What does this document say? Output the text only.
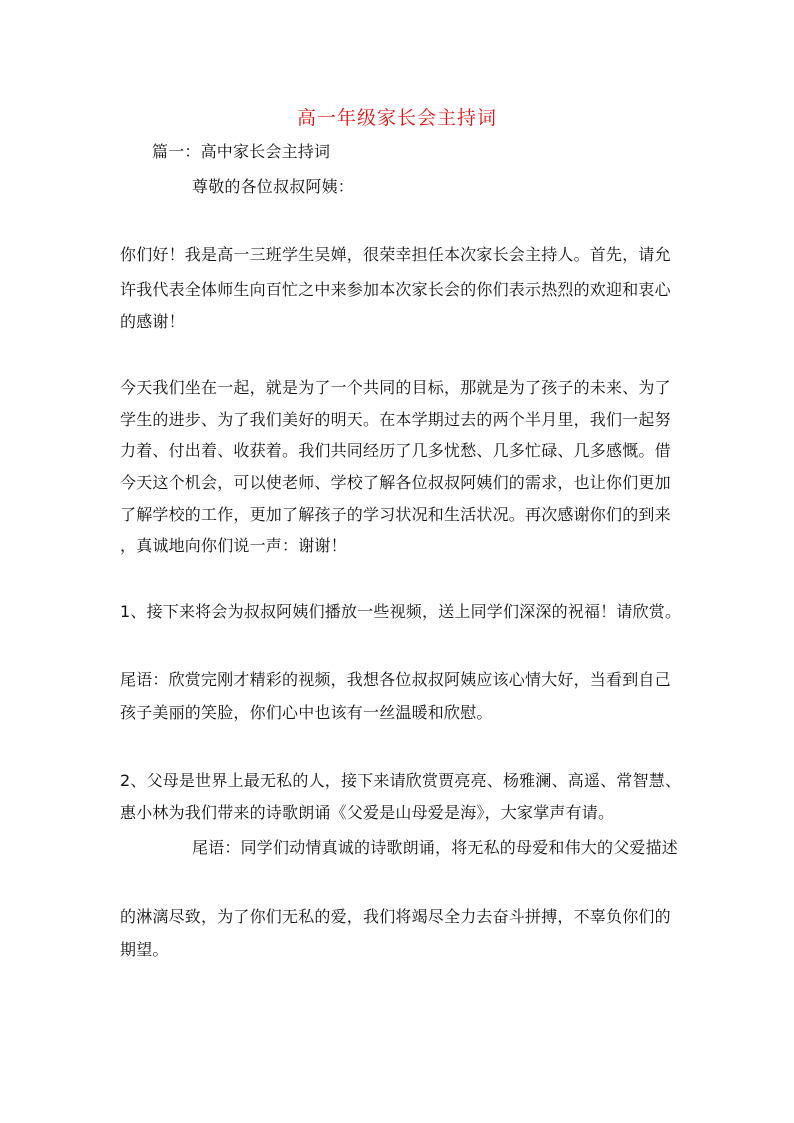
高一年级家长会主持词
篇一：高中家长会主持词
尊敬的各位叔叔阿姨：
你们好！我是高一三班学生吴婵，很荣幸担任本次家长会主持人。首先，请允
许我代表全体师生向百忙之中来参加本次家长会的你们表示热烈的欢迎和衷心
的感谢！
今天我们坐在一起，就是为了一个共同的目标，那就是为了孩子的未来、为了
学生的进步、为了我们美好的明天。在本学期过去的两个半月里，我们一起努
力着、付出着、收获着。我们共同经历了几多忧愁、几多忙碌、几多感慨。借
今天这个机会，可以使老师、学校了解各位叔叔阿姨们的需求，也让你们更加
了解学校的工作，更加了解孩子的学习状况和生活状况。再次感谢你们的到来
，真诚地向你们说一声：谢谢！
1、接下来将会为叔叔阿姨们播放一些视频，送上同学们深深的祝福！请欣赏。
尾语：欣赏完刚才精彩的视频，我想各位叔叔阿姨应该心情大好，当看到自己
孩子美丽的笑脸，你们心中也该有一丝温暖和欣慰。
2、父母是世界上最无私的人，接下来请欣赏贾亮亮、杨雅澜、高遥、常智慧、
惠小林为我们带来的诗歌朗诵《父爱是山母爱是海》，大家掌声有请。
尾语：同学们动情真诚的诗歌朗诵，将无私的母爱和伟大的父爱描述
的淋漓尽致，为了你们无私的爱，我们将竭尽全力去奋斗拼搏，不辜负你们的
期望。
